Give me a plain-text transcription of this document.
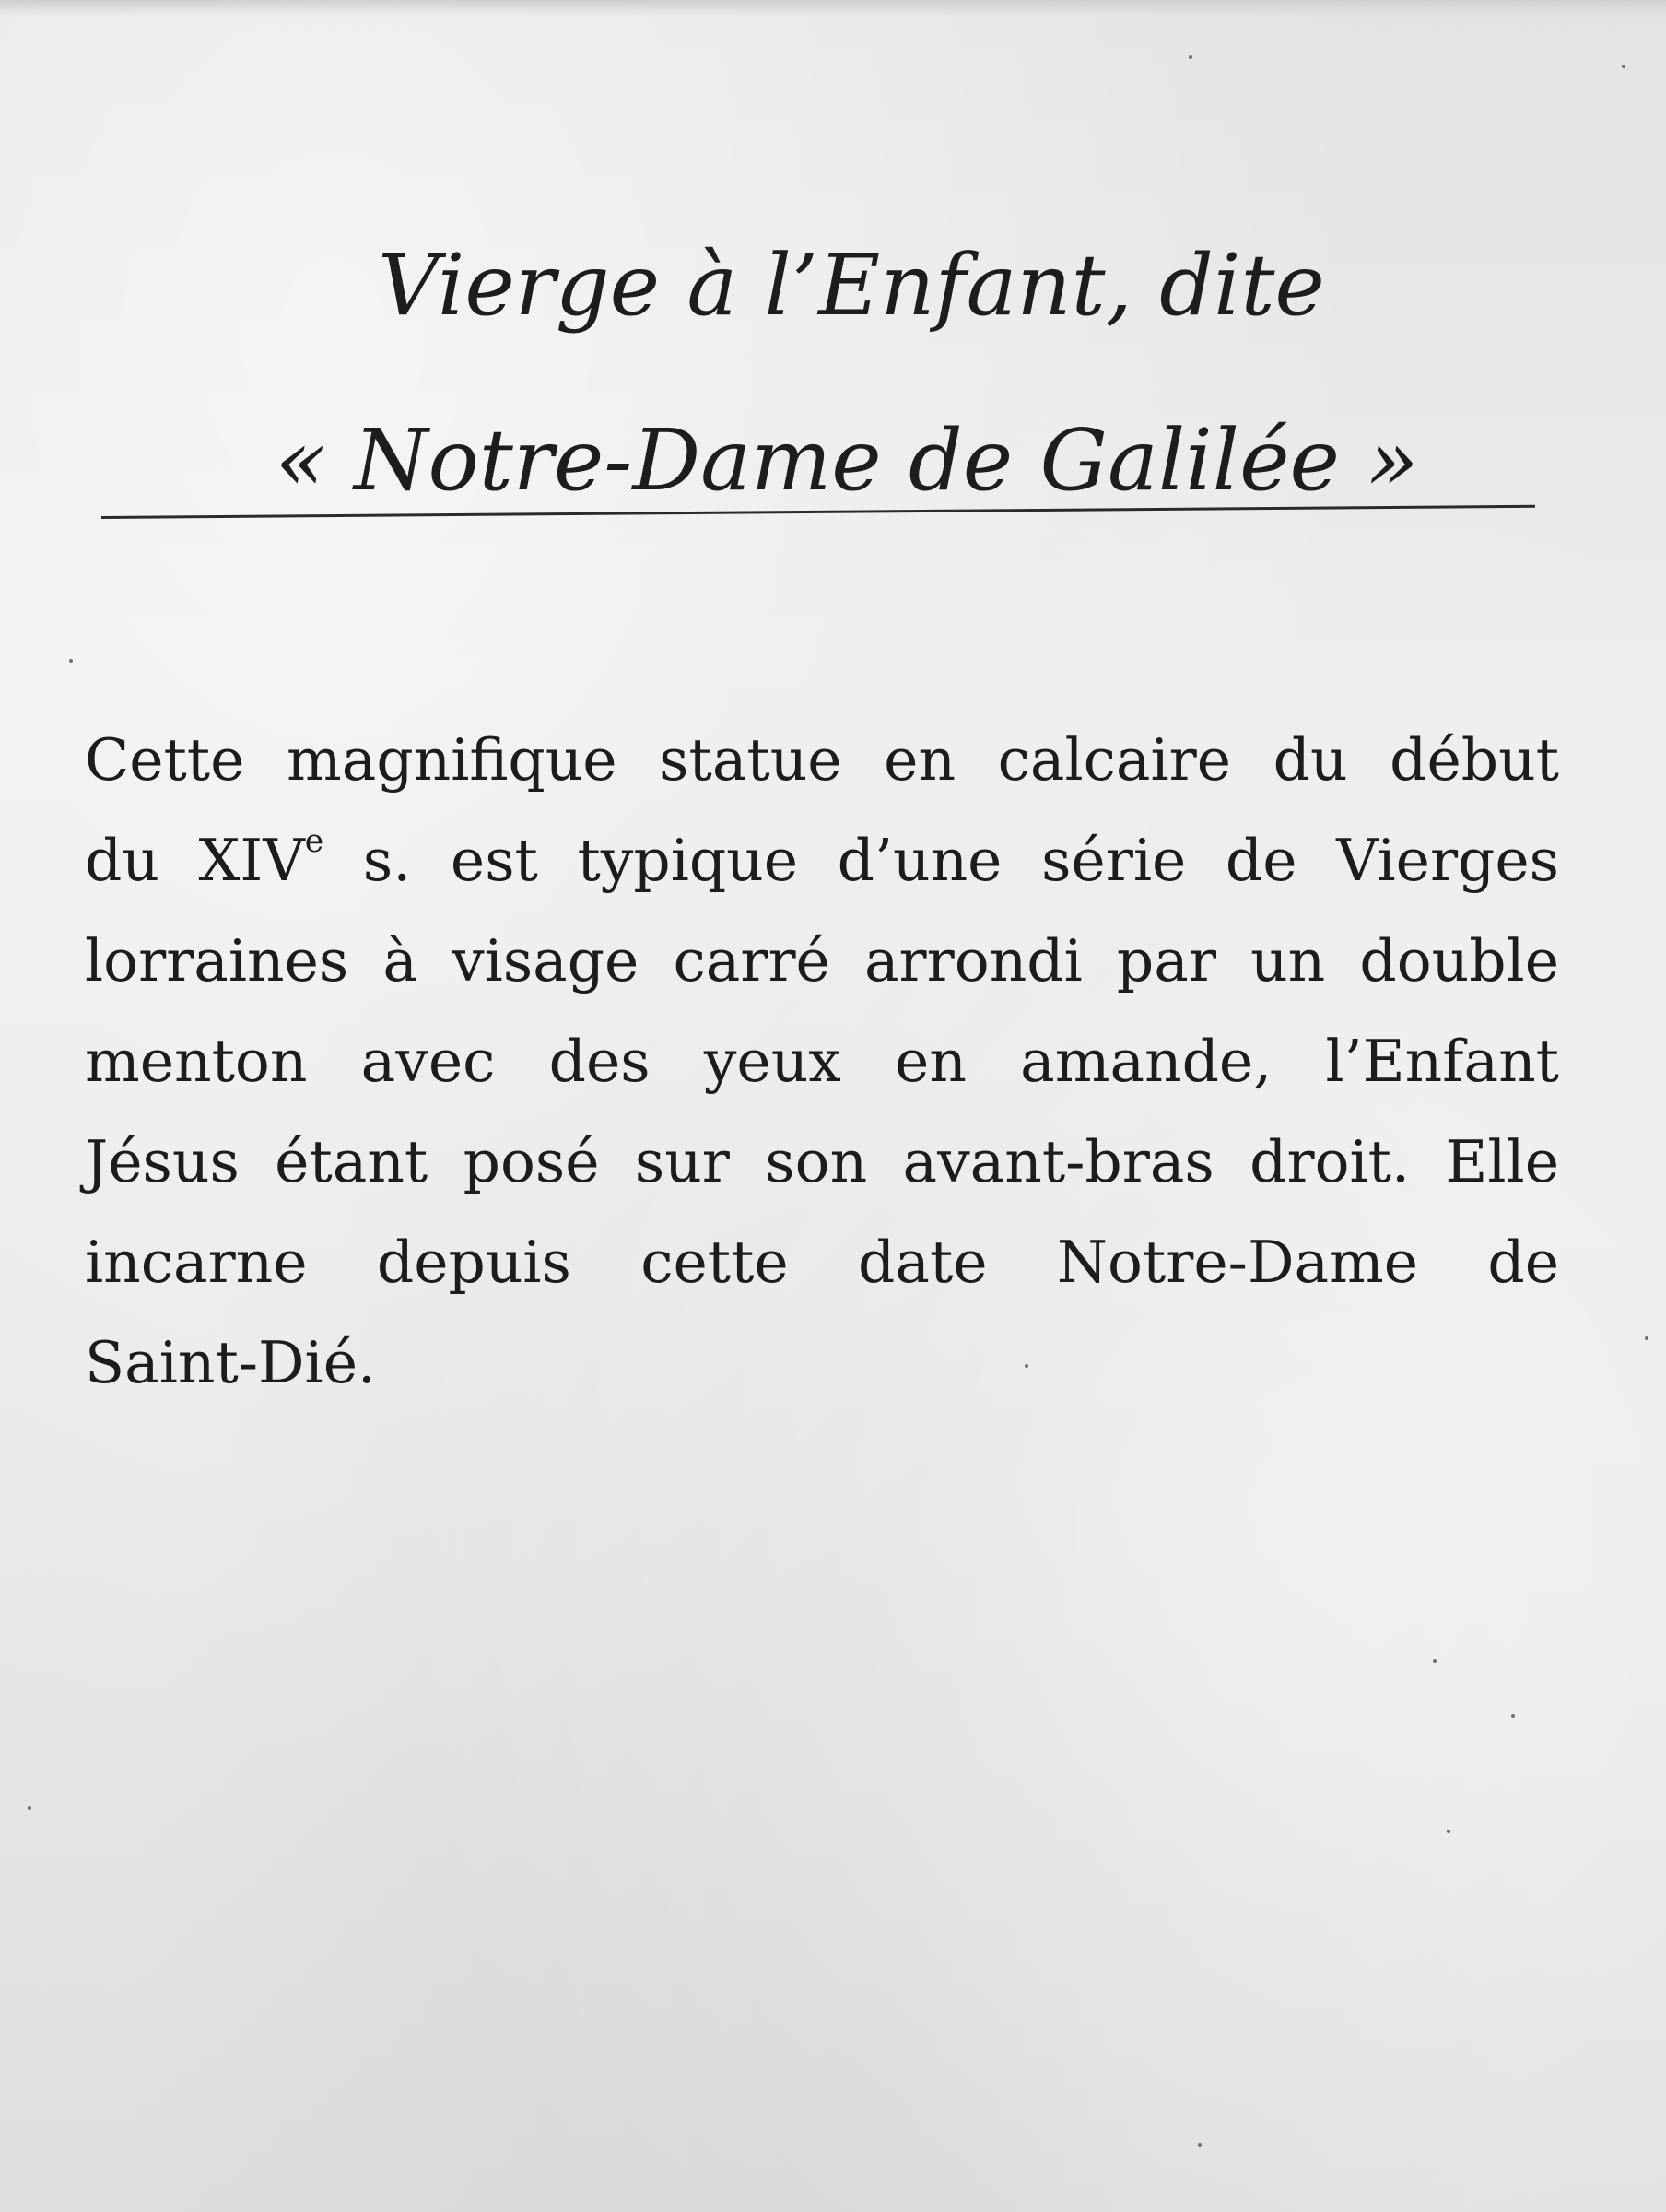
Vierge à l’Enfant, dite
« Notre-Dame de Galilée »
Cette magnifique statue en calcaire du début
du XIVe s. est typique d’une série de Vierges
lorraines à visage carré arrondi par un double
menton avec des yeux en amande, l’Enfant
Jésus étant posé sur son avant-bras droit. Elle
incarne depuis cette date Notre-Dame de
Saint-Dié.
